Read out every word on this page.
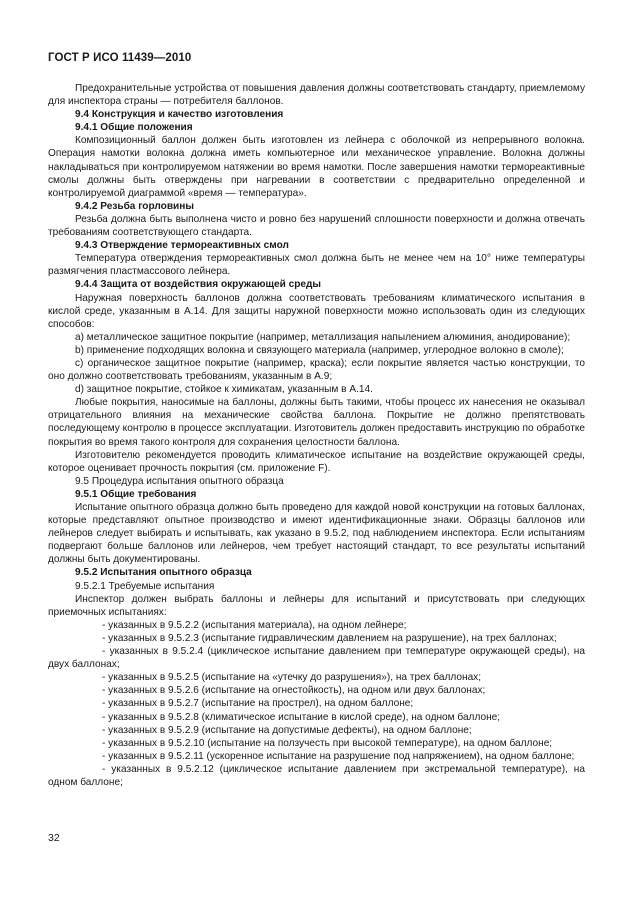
ГОСТ Р ИСО 11439—2010

Предохранительные устройства от повышения давления должны соответствовать стандарту, приемлемому для инспектора страны — потребителя баллонов.

9.4 Конструкция и качество изготовления

9.4.1 Общие положения

Композиционный баллон должен быть изготовлен из лейнера с оболочкой из непрерывного волокна. Операция намотки волокна должна иметь компьютерное или механическое управление. Волокна должны накладываться при контролируемом натяжении во время намотки. После завершения намотки термореактивные смолы должны быть отверждены при нагревании в соответствии с предварительно определенной и контролируемой диаграммой «время — температура».

9.4.2 Резьба горловины

Резьба должна быть выполнена чисто и ровно без нарушений сплошности поверхности и должна отвечать требованиям соответствующего стандарта.

9.4.3 Отверждение термореактивных смол

Температура отверждения термореактивных смол должна быть не менее чем на 10° ниже температуры размягчения пластмассового лейнера.

9.4.4 Защита от воздействия окружающей среды

Наружная поверхность баллонов должна соответствовать требованиям климатического испытания в кислой среде, указанным в А.14. Для защиты наружной поверхности можно использовать один из следующих способов:

а) металлическое защитное покрытие (например, металлизация напылением алюминия, анодирование);

b) применение подходящих волокна и связующего материала (например, углеродное волокно в смоле);

с) органическое защитное покрытие (например, краска); если покрытие является частью конструкции, то оно должно соответствовать требованиям, указанным в А.9;

d) защитное покрытие, стойкое к химикатам, указанным в А.14.

Любые покрытия, наносимые на баллоны, должны быть такими, чтобы процесс их нанесения не оказывал отрицательного влияния на механические свойства баллона. Покрытие не должно препятствовать последующему контролю в процессе эксплуатации. Изготовитель должен предоставить инструкцию по обработке покрытия во время такого контроля для сохранения целостности баллона.

Изготовителю рекомендуется проводить климатическое испытание на воздействие окружающей среды, которое оценивает прочность покрытия (см. приложение F).

9.5 Процедура испытания опытного образца

9.5.1 Общие требования

Испытание опытного образца должно быть проведено для каждой новой конструкции на готовых баллонах, которые представляют опытное производство и имеют идентификационные знаки. Образцы баллонов или лейнеров следует выбирать и испытывать, как указано в 9.5.2, под наблюдением инспектора. Если испытаниям подвергают больше баллонов или лейнеров, чем требует настоящий стандарт, то все результаты испытаний должны быть документированы.

9.5.2 Испытания опытного образца

9.5.2.1 Требуемые испытания

Инспектор должен выбрать баллоны и лейнеры для испытаний и присутствовать при следующих приемочных испытаниях:

- указанных в 9.5.2.2 (испытания материала), на одном лейнере;

- указанных в 9.5.2.3 (испытание гидравлическим давлением на разрушение), на трех баллонах;

- указанных в 9.5.2.4 (циклическое испытание давлением при температуре окружающей среды), на двух баллонах;

- указанных в 9.5.2.5 (испытание на «утечку до разрушения»), на трех баллонах;

- указанных в 9.5.2.6 (испытание на огнестойкость), на одном или двух баллонах;

- указанных в 9.5.2.7 (испытание на прострел), на одном баллоне;

- указанных в 9.5.2.8 (климатическое испытание в кислой среде), на одном баллоне;

- указанных в 9.5.2.9 (испытание на допустимые дефекты), на одном баллоне;

- указанных в 9.5.2.10 (испытание на ползучесть при высокой температуре), на одном баллоне;

- указанных в 9.5.2.11 (ускоренное испытание на разрушение под напряжением), на одном баллоне;

- указанных в 9.5.2.12 (циклическое испытание давлением при экстремальной температуре), на одном баллоне;

32
